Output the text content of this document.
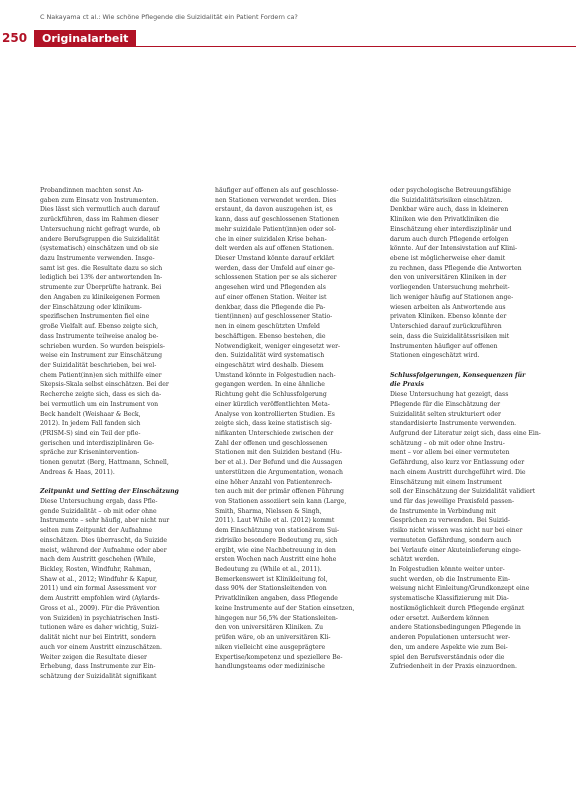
C Nakayama ct al.: Wie schöne Pflegende die Suizidalität ein Patient Fordern ca?
250	Originalarbeit

Probandinnen machten sonst An-
gaben zum Einsatz von Instrumenten.
Dies lässt sich vermutlich auch darauf
zurückführen, dass im Rahmen dieser
Untersuchung nicht gefragt wurde, ob
andere Berufsgruppen die Suizidalität
(systematisch) einschätzen und ob sie
dazu Instrumente verwenden. Insge-
samt ist ges. die Resultate dazu so sich
lediglich bei 13% der antwortenden In-
strumente zur Überprüfte hatrank. Bei
den Angaben zu klinikeigenen Formen
der Einschätzung oder klinikum-
spezifischen Instrumenten fiel eine
große Vielfalt auf. Ebenso zeigte sich,
dass Instrumente teilweise analog be-
schrieben wurden. So wurden beispiels-
weise ein Instrument zur Einschätzung
der Suizidalität beschrieben, bei wel-
chem Patient(inn)en sich mithilfe einer
Skepsis-Skala selbst einschätzen. Bei der
Recherche zeigte sich, dass es sich da-
bei vermutlich um ein Instrument von
Beck handelt (Weishaar & Beck,
2012). In jedem Fall fanden sich
(PRISM-S) sind ein Teil der pfle-
gerischen und interdisziplinären Ge-
spräche zur Krisenintervention-
tionen genutzt (Berg, Hattmann, Schnell,
Andreas & Haas, 2011).

Zeitpunkt und Setting der Einschätzung

Diese Untersuchung ergab, dass Pfle-
gende Suizidalität – ob mit oder ohne
Instrumente – sehr häufig, aber nicht nur
selten zum Zeitpunkt der Aufnahme
einschätzen. Dies überrascht, da Suizide
meist, während der Aufnahme oder aber
nach dem Austritt geschehen (While,
Bickley, Rosten, Windfuhr, Rahman,
Shaw et al., 2012; Windfuhr & Kapur,
2011) und ein formal Assessment vor
dem Austritt empfohlen wird (Aylards-
Gross et al., 2009). Für die Prävention
von Suiziden) in psychiatrischen Insti-
tutionen wäre es daher wichtig, Suizi-
dalität nicht nur bei Eintritt, sondern
auch vor einem Austritt einzuschätzen.
Weiter zeigen die Resultate dieser
Erhebung, dass Instrumente zur Ein-
schätzung der Suizidalität signifikant

häufiger auf offenen als auf geschlosse-
nen Stationen verwendet werden. Dies
erstaunt, da davon auszugehen ist, es
kann, dass auf geschlossenen Stationen
mehr suizidale Patient(inn)en oder sol-
che in einer suizidalen Krise behan-
delt werden als auf offenen Stationen.
Dieser Umstand könnte darauf erklärt
werden, dass der Umfeld auf einer ge-
schlossenen Station per se als sicherer
angesehen wird und Pflegenden als
auf einer offenen Station. Weiter ist
denkbar, dass die Pflegende die Pa-
tient(innen) auf geschlossener Statio-
nen in einem geschützten Umfeld
beschäftigen. Ebenso bestehen, die
Notwendigkeit, weniger eingesetzt wer-
den. Suizidalität wird systematisch
eingeschätzt wird deshalb. Diesem
Umstand könnte in Folgestudien nach-
gegangen werden. In eine ähnliche
Richtung geht die Schlussfolgerung
einer kürzlich veröffentlichten Meta-
Analyse von kontrollierten Studien. Es
zeigte sich, dass keine statistisch sig-
nifikanten Unterschiede zwischen der
Zahl der offenen und geschlossenen
Stationen mit den Suiziden bestand (Hu-
ber et al.). Der Befund und die Aussagen
unterstützen die Argumentation, wonach
eine höher Anzahl von Patientenrech-
ten auch mit der primär offenen Führung
von Stationen assoziiert sein kann (Large,
Smith, Sharma, Nielssen & Singh,
2011). Laut While et al. (2012) kommt
dem Einschätzung von stationärem Sui-
zidrisiko besondere Bedeutung zu, sich
ergibt, wie eine Nachbetreuung in den
ersten Wochen nach Austritt eine hohe
Bedeutung zu (While et al., 2011).
Bemerkenswert ist Klinikleitung fol,
dass 90% der Stationsleitenden von
Privatkliniken angaben, dass Pflegende
keine Instrumente auf der Station einsetzen,
hingegen nur 56,5% der Stationsleiten-
den von universitären Kliniken. Zu
prüfen wäre, ob an universitären Kli-
niken vielleicht eine ausgeprägtere
Expertise/kompetenz und speziellere Be-
handlungsteams oder medizinische

oder psychologische Betreuungsfähige
die Suizidalitätsrisiken einschätzen.
Denkbar wäre auch, dass in kleineren
Kliniken wie den Privatkliniken die
Einschätzung eher interdisziplinär und
darum auch durch Pflegende erfolgen
könnte. Auf der Intensivstation auf Klini-
ebene ist möglicherweise eher damit
zu rechnen, dass Pflegende die Antworten
den von universitären Kliniken in der
vorliegenden Untersuchung mehrheit-
lich weniger häufig auf Stationen ange-
wiesen arbeiten als Antwortende aus
privaten Kliniken. Ebenso könnte der
Unterschied darauf zurückzuführen
sein, dass die Suizidalitätssrisiken mit
Instrumenten häufiger auf offenen
Stationen eingeschätzt wird.

Schlussfolgerungen, Konsequenzen für
die Praxis

Diese Untersuchung hat gezeigt, dass
Pflegende für die Einschätzung der
Suizidalität selten strukturiert oder
standardisierte Instrumente verwenden.
Aufgrund der Literatur zeigt sich, dass eine Ein-
schätzung – ob mit oder ohne Instru-
ment – vor allem bei einer vermuteten
Gefährdung, also kurz vor Entlassung oder
nach einem Austritt durchgeführt wird. Die
Einschätzung mit einem Instrument
soll der Einschätzung der Suizidalität validiert
und für das jeweilige Praxisfeld passen-
de Instrumente in Verbindung mit
Gesprächen zu verwenden. Bei Suizid-
risiko nicht wissen was nicht nur bei einer
vermuteten Gefährdung, sondern auch
bei Verlaufe einer Akuteinlieferung einge-
schätzt werden.
In Folgestudien könnte weiter unter-
sucht werden, ob die Instrumente Ein-
weisung nicht Einleitung/Grundkonzept eine
systematische Klassifizierung mit Dia-
nostikmöglichkeit durch Pflegende ergänzt
oder ersetzt. Außerdem können
andere Stationsbedingungen Pflegende in
anderen Populationen untersucht wer-
den, um andere Aspekte wie zum Bei-
spiel den Berufsverständnis oder die
Zufriedenheit in der Praxis einzuordnen.
